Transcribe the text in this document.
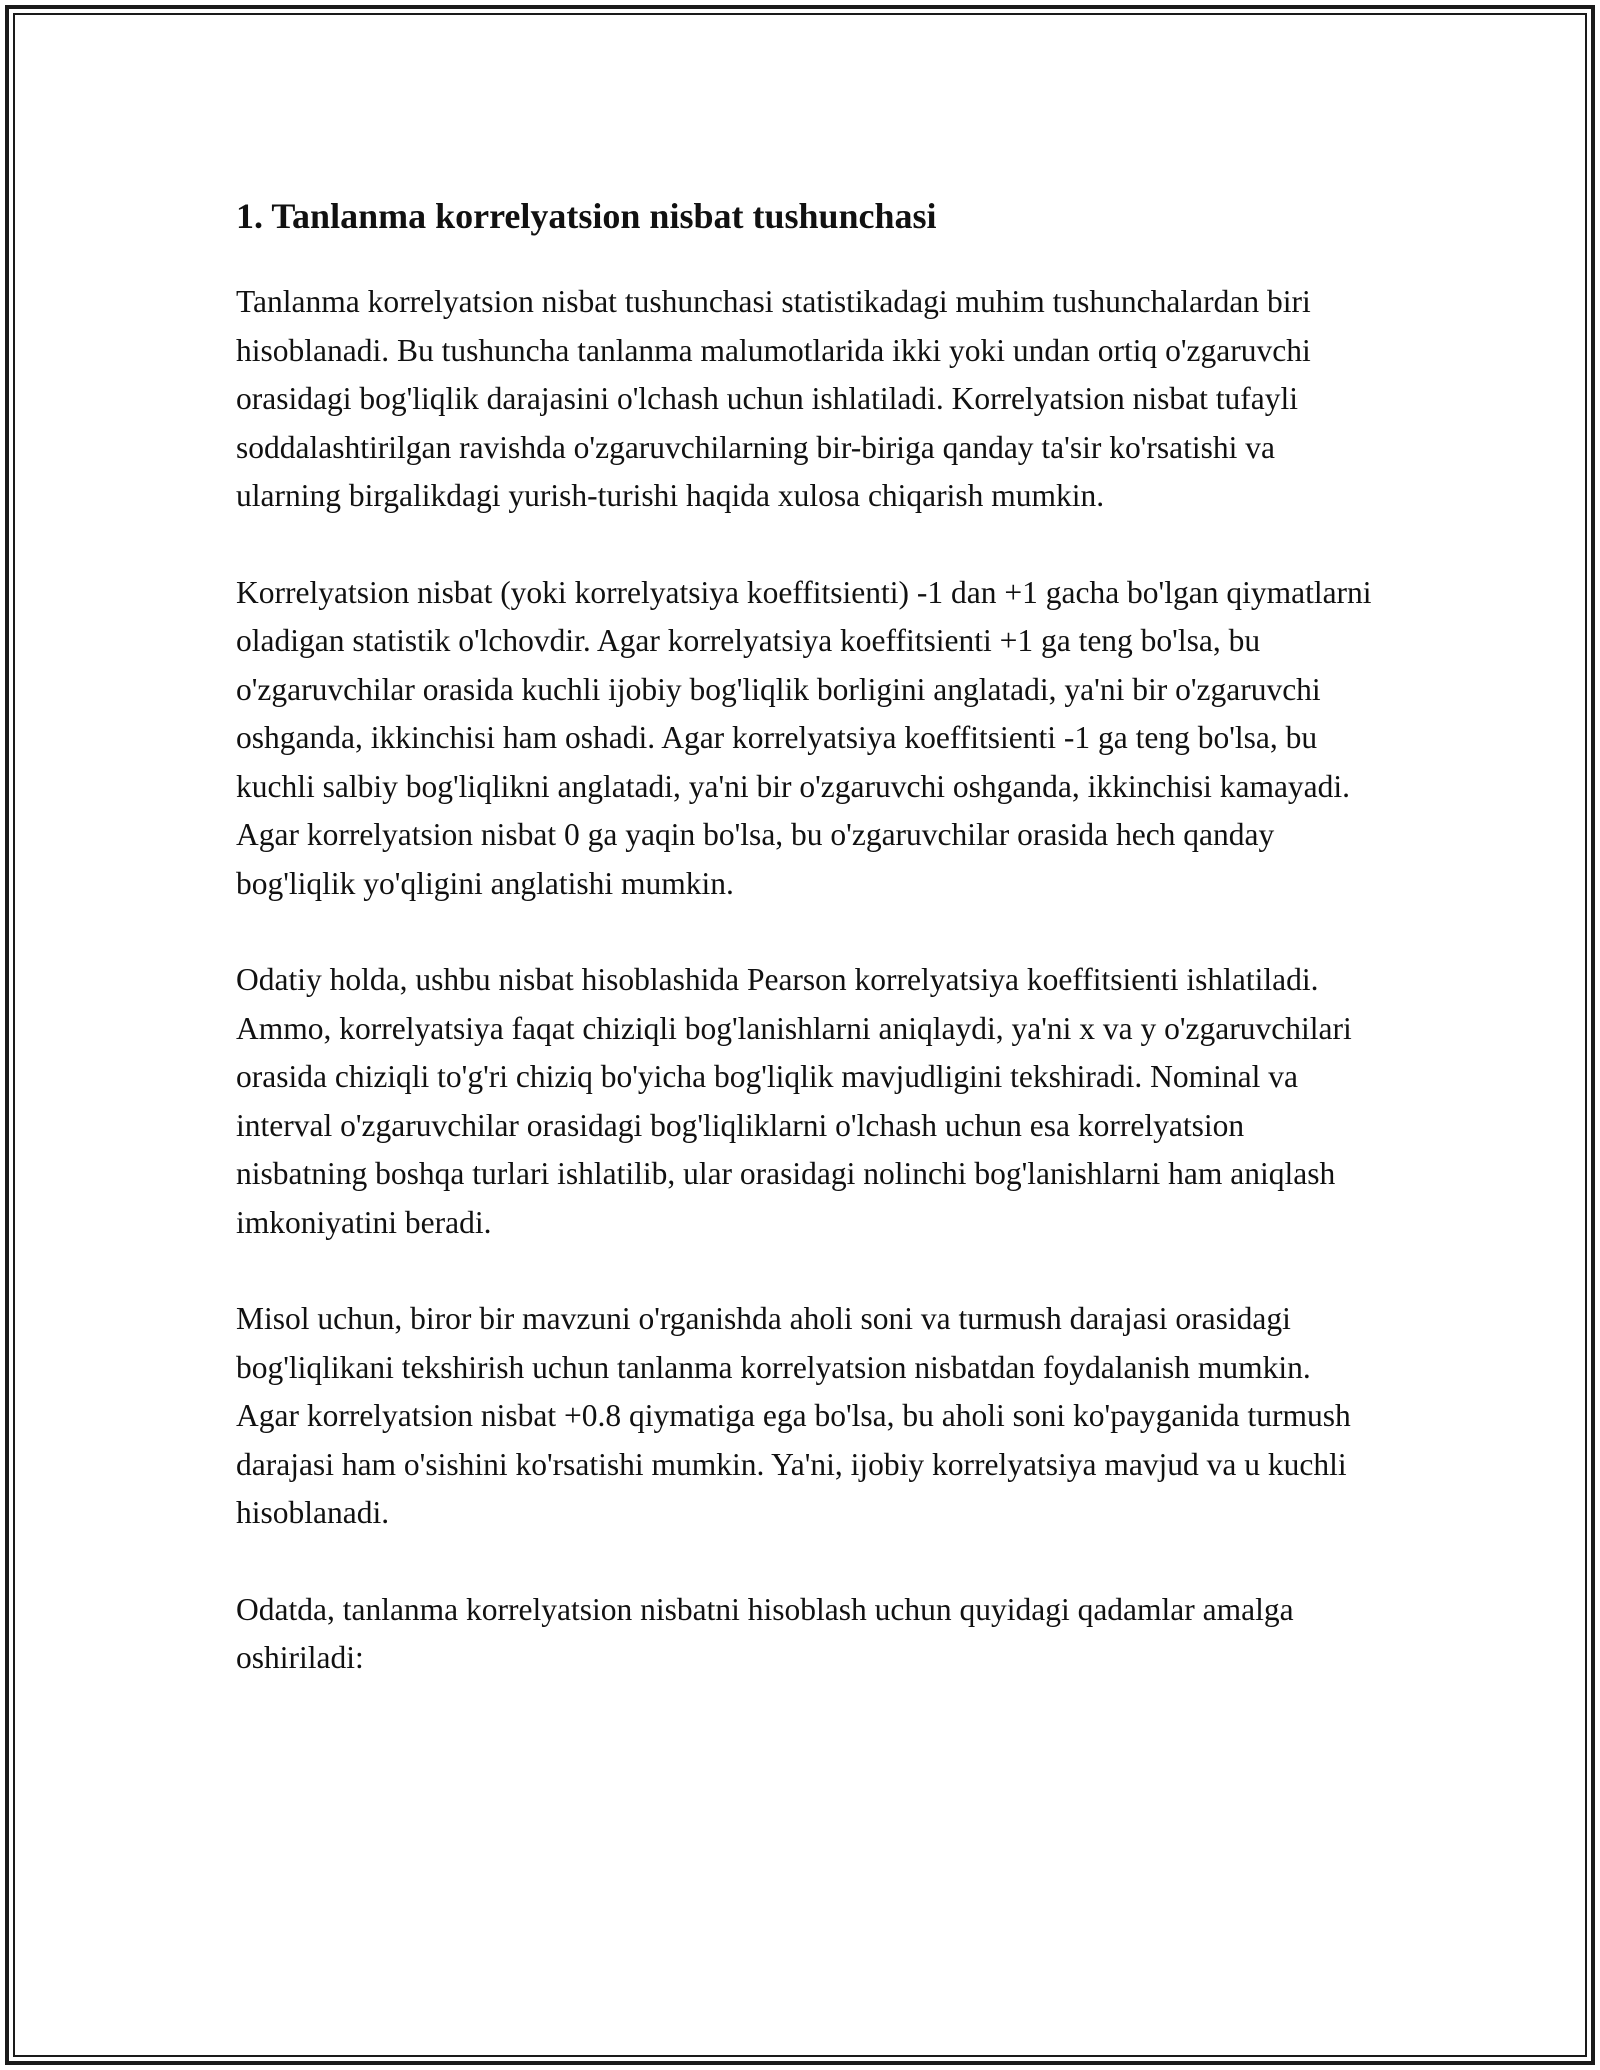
1. Tanlanma korrelyatsion nisbat tushunchasi

Tanlanma korrelyatsion nisbat tushunchasi statistikadagi muhim tushunchalardan biri hisoblanadi. Bu tushuncha tanlanma malumotlarida ikki yoki undan ortiq o'zgaruvchi orasidagi bog'liqlik darajasini o'lchash uchun ishlatiladi. Korrelyatsion nisbat tufayli soddalashtirilgan ravishda o'zgaruvchilarning bir-biriga qanday ta'sir ko'rsatishi va ularning birgalikdagi yurish-turishi haqida xulosa chiqarish mumkin.

Korrelyatsion nisbat (yoki korrelyatsiya koeffitsienti) -1 dan +1 gacha bo'lgan qiymatlarni oladigan statistik o'lchovdir. Agar korrelyatsiya koeffitsienti +1 ga teng bo'lsa, bu o'zgaruvchilar orasida kuchli ijobiy bog'liqlik borligini anglatadi, ya'ni bir o'zgaruvchi oshganda, ikkinchisi ham oshadi. Agar korrelyatsiya koeffitsienti -1 ga teng bo'lsa, bu kuchli salbiy bog'liqlikni anglatadi, ya'ni bir o'zgaruvchi oshganda, ikkinchisi kamayadi. Agar korrelyatsion nisbat 0 ga yaqin bo'lsa, bu o'zgaruvchilar orasida hech qanday bog'liqlik yo'qligini anglatishi mumkin.

Odatiy holda, ushbu nisbat hisoblashida Pearson korrelyatsiya koeffitsienti ishlatiladi. Ammo, korrelyatsiya faqat chiziqli bog'lanishlarni aniqlaydi, ya'ni x va y o'zgaruvchilari orasida chiziqli to'g'ri chiziq bo'yicha bog'liqlik mavjudligini tekshiradi. Nominal va interval o'zgaruvchilar orasidagi bog'liqliklarni o'lchash uchun esa korrelyatsion nisbatning boshqa turlari ishlatilib, ular orasidagi nolinchi bog'lanishlarni ham aniqlash imkoniyatini beradi.

Misol uchun, biror bir mavzuni o'rganishda aholi soni va turmush darajasi orasidagi bog'liqlikani tekshirish uchun tanlanma korrelyatsion nisbatdan foydalanish mumkin. Agar korrelyatsion nisbat +0.8 qiymatiga ega bo'lsa, bu aholi soni ko'payganida turmush darajasi ham o'sishini ko'rsatishi mumkin. Ya'ni, ijobiy korrelyatsiya mavjud va u kuchli hisoblanadi.

Odatda, tanlanma korrelyatsion nisbatni hisoblash uchun quyidagi qadamlar amalga oshiriladi:
